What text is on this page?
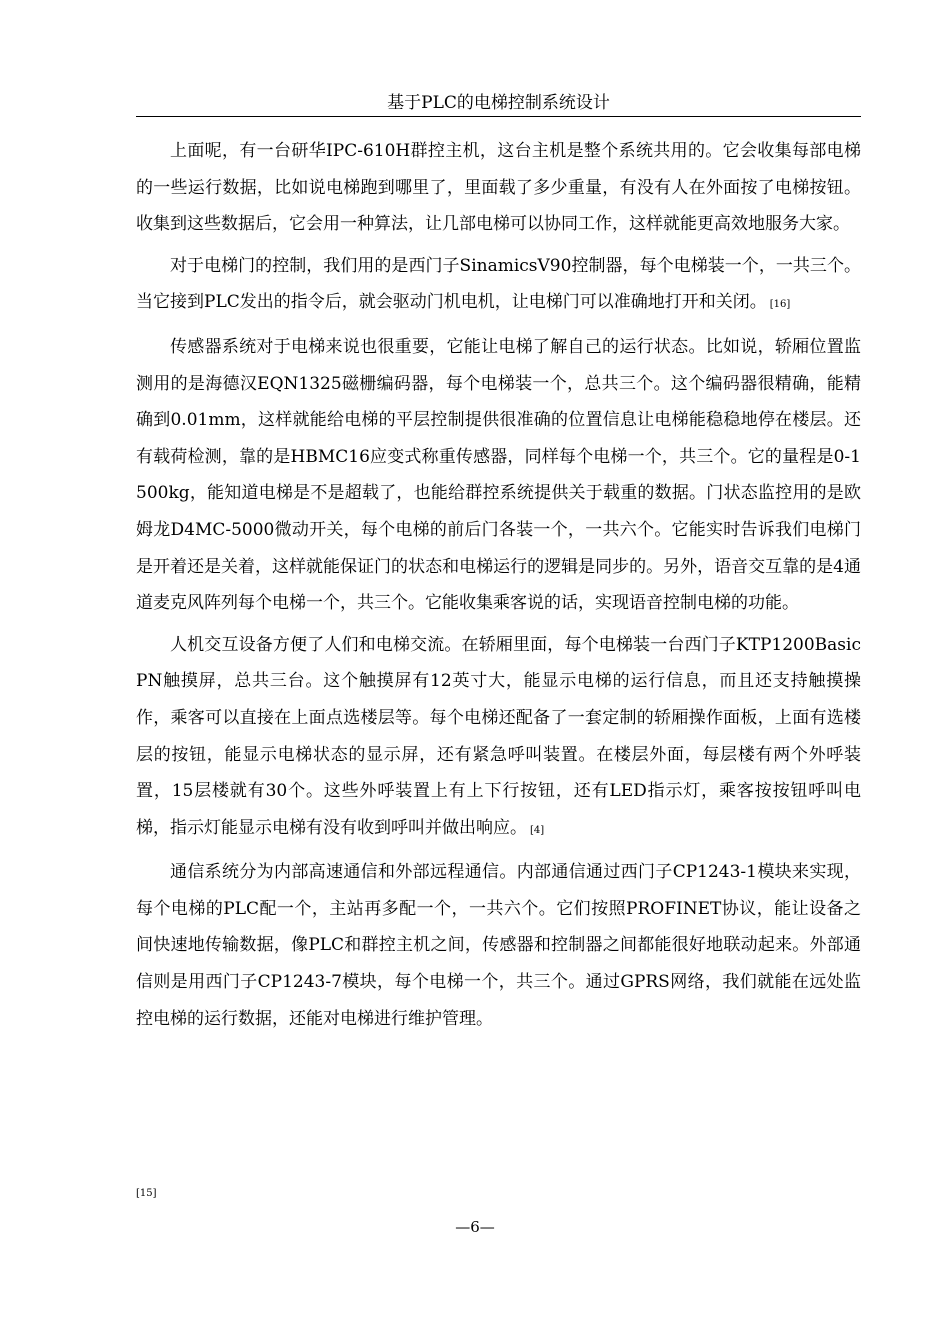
基于PLC的电梯控制系统设计

上面呢，有一台研华IPC-610H群控主机，这台主机是整个系统共用的。它会收集每部电梯的一些运行数据，比如说电梯跑到哪里了，里面载了多少重量，有没有人在外面按了电梯按钮。收集到这些数据后，它会用一种算法，让几部电梯可以协同工作，这样就能更高效地服务大家。

对于电梯门的控制，我们用的是西门子SinamicsV90控制器，每个电梯装一个，一共三个。当它接到PLC发出的指令后，就会驱动门机电机，让电梯门可以准确地打开和关闭。 [16]

传感器系统对于电梯来说也很重要，它能让电梯了解自己的运行状态。比如说，轿厢位置监测用的是海德汉EQN1325磁栅编码器，每个电梯装一个，总共三个。这个编码器很精确，能精确到0.01mm，这样就能给电梯的平层控制提供很准确的位置信息让电梯能稳稳地停在楼层。还有载荷检测，靠的是HBMC16应变式称重传感器，同样每个电梯一个，共三个。它的量程是0-1500kg，能知道电梯是不是超载了，也能给群控系统提供关于载重的数据。门状态监控用的是欧姆龙D4MC-5000微动开关，每个电梯的前后门各装一个，一共六个。它能实时告诉我们电梯门是开着还是关着，这样就能保证门的状态和电梯运行的逻辑是同步的。另外，语音交互靠的是4通道麦克风阵列每个电梯一个，共三个。它能收集乘客说的话，实现语音控制电梯的功能。

人机交互设备方便了人们和电梯交流。在轿厢里面，每个电梯装一台西门子KTP1200BasicPN触摸屏，总共三台。这个触摸屏有12英寸大，能显示电梯的运行信息，而且还支持触摸操作，乘客可以直接在上面点选楼层等。每个电梯还配备了一套定制的轿厢操作面板，上面有选楼层的按钮，能显示电梯状态的显示屏，还有紧急呼叫装置。在楼层外面，每层楼有两个外呼装置，15层楼就有30个。这些外呼装置上有上下行按钮，还有LED指示灯，乘客按按钮呼叫电梯，指示灯能显示电梯有没有收到呼叫并做出响应。 [4]

通信系统分为内部高速通信和外部远程通信。内部通信通过西门子CP1243-1模块来实现，每个电梯的PLC配一个，主站再多配一个，一共六个。它们按照PROFINET协议，能让设备之间快速地传输数据，像PLC和群控主机之间，传感器和控制器之间都能很好地联动起来。外部通信则是用西门子CP1243-7模块，每个电梯一个，共三个。通过GPRS网络，我们就能在远处监控电梯的运行数据，还能对电梯进行维护管理。

[15]
—6—
